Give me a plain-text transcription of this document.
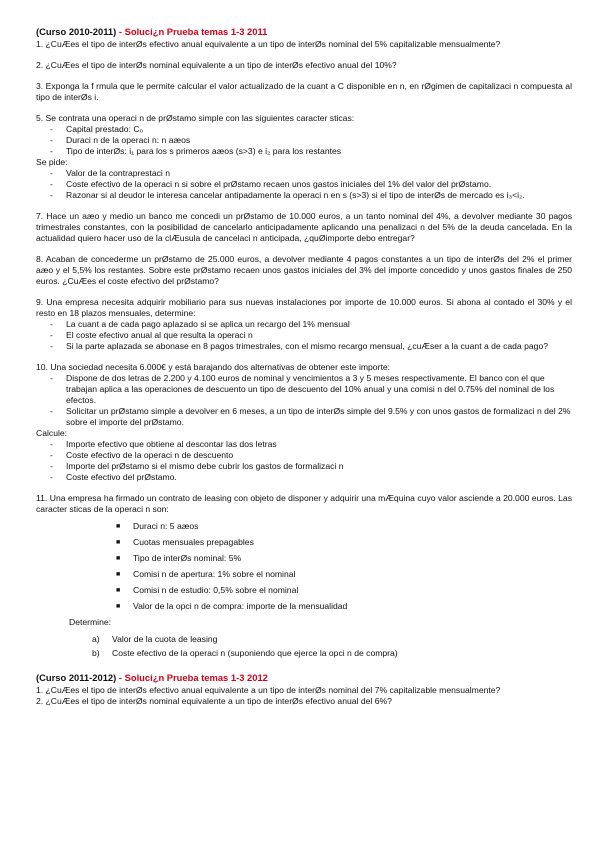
(Curso 2010-2011) - Soluci¿n Prueba temas 1-3 2011

1. ¿CuÆes el tipo de interØs efectivo anual equivalente a un tipo de interØs nominal del 5% capitalizable mensualmente?

2. ¿CuÆes el tipo de interØs nominal equivalente a un tipo de interØs efectivo anual del 10%?

3. Exponga la f rmula que le permite calcular el valor actualizado de la cuant a C disponible en n, en rØgimen de capitalizaci n compuesta al tipo de interØs i.

5. Se contrata una operaci n de prØstamo simple con las siguientes caracter sticas:

- Capital prestado: C₀
- Duraci n de la operaci n: n aæos
- Tipo de interØs: i₁ para los s primeros aæos (s>3) e i₂ para los restantes

Se pide:

- Valor de la contraprestaci n
- Coste efectivo de la operaci n si sobre el prØstamo recaen unos gastos iniciales del 1% del valor del prØstamo.
- Razonar si al deudor le interesa cancelar antipadamente la operaci n en s (s>3) si el tipo de interØs de mercado es i₃<i₂.

7. Hace un aæo y medio un banco me concedi un prØstamo de 10.000 euros, a un tanto nominal del 4%, a devolver mediante 30 pagos trimestrales constantes, con la posibilidad de cancelarlo anticipadamente aplicando una penalizaci n del 5% de la deuda cancelada. En la actualidad quiero hacer uso de la clÆusula de cancelaci n anticipada, ¿quØimporte debo entregar?

8. Acaban de concederme un prØstamo de 25.000 euros, a devolver mediante 4 pagos constantes a un tipo de interØs del 2% el primer aæo y el 5,5% los restantes. Sobre este prØstamo recaen unos gastos iniciales del 3% del importe concedido y unos gastos finales de 250 euros. ¿CuÆes el coste efectivo del prØstamo?

9. Una empresa necesita adquirir mobiliario para sus nuevas instalaciones por importe de 10.000 euros. Si abona al contado el 30% y el resto en 18 plazos mensuales, determine:

- La cuant a de cada pago aplazado si se aplica un recargo del 1% mensual
- El coste efectivo anual al que resulta la operaci n
- Si la parte aplazada se abonase en 8 pagos trimestrales, con el mismo recargo mensual, ¿cuÆser a la cuant a de cada pago?

10. Una sociedad necesita 6.000€ y está barajando dos alternativas de obtener este importe:

- Dispone de dos letras de 2.200 y 4.100 euros de nominal y vencimientos a 3 y 5 meses respectivamente. El banco con el que trabajan aplica a las operaciones de descuento un tipo de descuento del 10% anual y una comisi n del 0.75% del nominal de los efectos.
- Solicitar un prØstamo simple a devolver en 6 meses, a un tipo de interØs simple del 9.5% y con unos gastos de formalizaci n del 2% sobre el importe del prØstamo.

Calcule:

- Importe efectivo que obtiene al descontar las dos letras
- Coste efectivo de la operaci n de descuento
- Importe del prØstamo si el mismo debe cubrir los gastos de formalizaci n
- Coste efectivo del prØstamo.

11. Una empresa ha firmado un contrato de leasing con objeto de disponer y adquirir una mÆquina cuyo valor asciende a 20.000 euros. Las caracter sticas de la operaci n son:

■ Duraci n: 5 aæos
■ Cuotas mensuales prepagables
■ Tipo de interØs nominal: 5%
■ Comisi n de apertura: 1% sobre el nominal
■ Comisi n de estudio: 0,5% sobre el nominal
■ Valor de la opci n de compra: importe de la mensualidad

Determine:

a) Valor de la cuota de leasing
b) Coste efectivo de la operaci n (suponiendo que ejerce la opci n de compra)
(Curso 2011-2012) - Soluci¿n Prueba temas 1-3 2012

1. ¿CuÆes el tipo de interØs efectivo anual equivalente a un tipo de interØs nominal del 7% capitalizable mensualmente?

2. ¿CuÆes el tipo de interØs nominal equivalente a un tipo de interØs efectivo anual del 6%?
